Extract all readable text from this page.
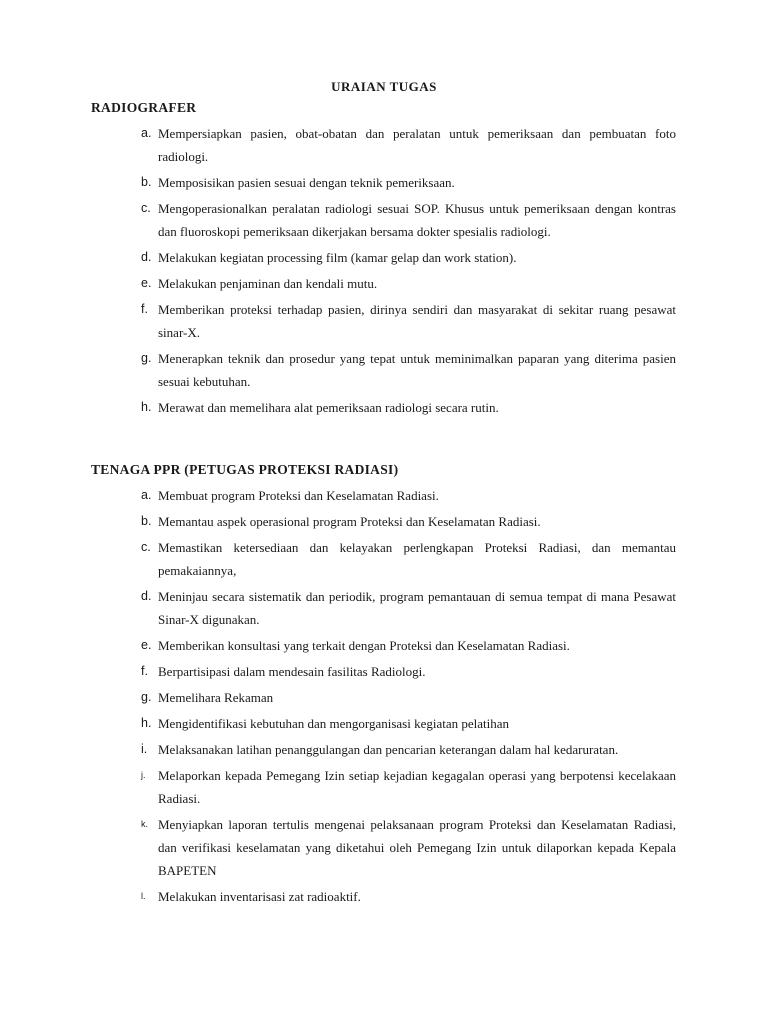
URAIAN TUGAS
RADIOGRAFER
a. Mempersiapkan pasien, obat-obatan dan peralatan untuk pemeriksaan dan pembuatan foto radiologi.
b. Memposisikan pasien sesuai dengan teknik pemeriksaan.
c. Mengoperasionalkan peralatan radiologi sesuai SOP. Khusus untuk pemeriksaan dengan kontras dan fluoroskopi pemeriksaan dikerjakan bersama dokter spesialis radiologi.
d. Melakukan kegiatan processing film (kamar gelap dan work station).
e. Melakukan penjaminan dan kendali mutu.
f. Memberikan proteksi terhadap pasien, dirinya sendiri dan masyarakat di sekitar ruang pesawat sinar-X.
g. Menerapkan teknik dan prosedur yang tepat untuk meminimalkan paparan yang diterima pasien sesuai kebutuhan.
h. Merawat dan memelihara alat pemeriksaan radiologi secara rutin.
TENAGA PPR (PETUGAS PROTEKSI RADIASI)
a. Membuat program Proteksi dan Keselamatan Radiasi.
b. Memantau aspek operasional program Proteksi dan Keselamatan Radiasi.
c. Memastikan ketersediaan dan kelayakan perlengkapan Proteksi Radiasi, dan memantau pemakaiannya,
d. Meninjau secara sistematik dan periodik, program pemantauan di semua tempat di mana Pesawat Sinar-X digunakan.
e. Memberikan konsultasi yang terkait dengan Proteksi dan Keselamatan Radiasi.
f. Berpartisipasi dalam mendesain fasilitas Radiologi.
g. Memelihara Rekaman
h. Mengidentifikasi kebutuhan dan mengorganisasi kegiatan pelatihan
i. Melaksanakan latihan penanggulangan dan pencarian keterangan dalam hal kedaruratan.
j. Melaporkan kepada Pemegang Izin setiap kejadian kegagalan operasi yang berpotensi kecelakaan Radiasi.
k. Menyiapkan laporan tertulis mengenai pelaksanaan program Proteksi dan Keselamatan Radiasi, dan verifikasi keselamatan yang diketahui oleh Pemegang Izin untuk dilaporkan kepada Kepala BAPETEN
l. Melakukan inventarisasi zat radioaktif.
